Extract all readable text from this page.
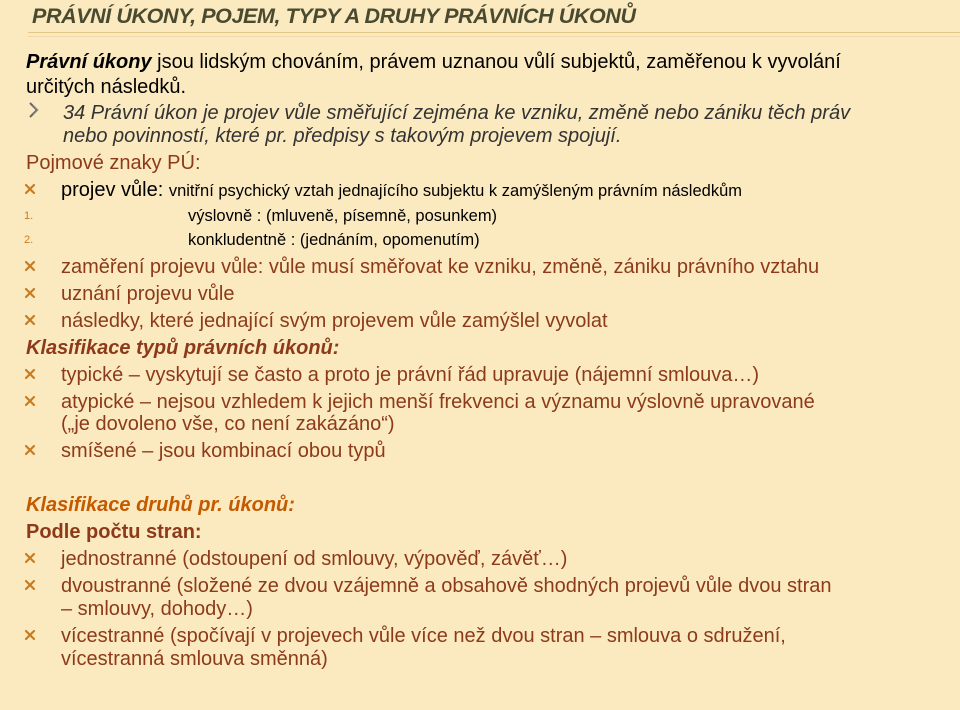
PRÁVNÍ ÚKONY, POJEM, TYPY A DRUHY PRÁVNÍCH ÚKONŮ
Právní úkony jsou lidským chováním, právem uznanou vůlí subjektů, zaměřenou k vyvolání
určitých následků.
34 Právní úkon je projev vůle směřující zejména ke vzniku, změně nebo zániku těch práv
nebo povinností, které pr. předpisy s takovým projevem spojují.
Pojmové znaky PÚ:
projev vůle: vnitřní psychický vztah jednajícího subjektu k zamýšleným právním následkům
1.	výslovně : (mluveně, písemně, posunkem)
2.	konkludentně : (jednáním, opomenutím)
zaměření projevu vůle: vůle musí směřovat ke vzniku, změně, zániku právního vztahu
uznání projevu vůle
následky, které jednající svým projevem vůle zamýšlel vyvolat
Klasifikace typů právních úkonů:
typické – vyskytují se často a proto je právní řád upravuje (nájemní smlouva…)
atypické – nejsou vzhledem k jejich menší frekvenci a významu výslovně upravované
(„je dovoleno vše, co není zakázáno“)
smíšené – jsou kombinací obou typů
Klasifikace druhů pr. úkonů:
Podle počtu stran:
jednostranné (odstoupení od smlouvy, výpověď, závěť…)
dvoustranné (složené ze dvou vzájemně a obsahově shodných projevů vůle dvou stran
– smlouvy, dohody…)
vícestranné (spočívají v projevech vůle více než dvou stran – smlouva o sdružení,
vícestranná smlouva směnná)
